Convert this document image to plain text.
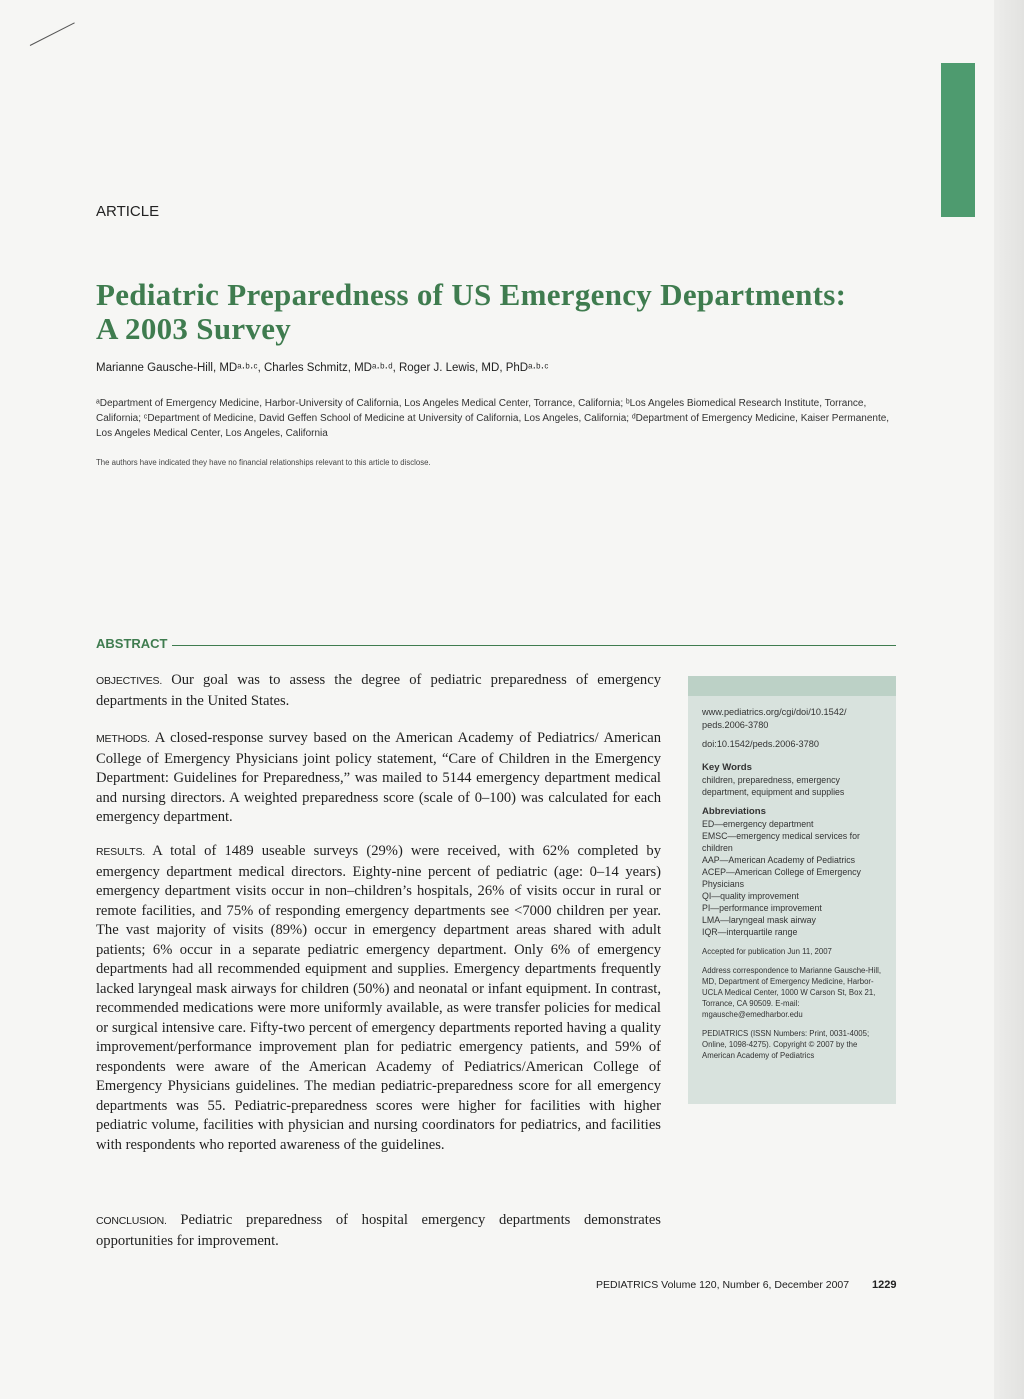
ARTICLE
Pediatric Preparedness of US Emergency Departments: A 2003 Survey
Marianne Gausche-Hill, MDᵃ·ᵇ·ᶜ, Charles Schmitz, MDᵃ·ᵇ·ᵈ, Roger J. Lewis, MD, PhDᵃ·ᵇ·ᶜ

ᵃDepartment of Emergency Medicine, Harbor-University of California, Los Angeles Medical Center, Torrance, California; ᵇLos Angeles Biomedical Research Institute, Torrance, California; ᶜDepartment of Medicine, David Geffen School of Medicine at University of California, Los Angeles, California; ᵈDepartment of Emergency Medicine, Kaiser Permanente, Los Angeles Medical Center, Los Angeles, California

The authors have indicated they have no financial relationships relevant to this article to disclose.
ABSTRACT

OBJECTIVES. Our goal was to assess the degree of pediatric preparedness of emergency departments in the United States.

METHODS. A closed-response survey based on the American Academy of Pediatrics/ American College of Emergency Physicians joint policy statement, “Care of Children in the Emergency Department: Guidelines for Preparedness,” was mailed to 5144 emergency department medical and nursing directors. A weighted preparedness score (scale of 0–100) was calculated for each emergency department.

RESULTS. A total of 1489 useable surveys (29%) were received, with 62% completed by emergency department medical directors. Eighty-nine percent of pediatric (age: 0–14 years) emergency department visits occur in non–children’s hospitals, 26% of visits occur in rural or remote facilities, and 75% of responding emergency departments see <7000 children per year. The vast majority of visits (89%) occur in emergency department areas shared with adult patients; 6% occur in a separate pediatric emergency department. Only 6% of emergency departments had all recommended equipment and supplies. Emergency departments frequently lacked laryngeal mask airways for children (50%) and neonatal or infant equipment. In contrast, recommended medications were more uniformly available, as were transfer policies for medical or surgical intensive care. Fifty-two percent of emergency departments reported having a quality improvement/performance improvement plan for pediatric emergency patients, and 59% of respondents were aware of the American Academy of Pediatrics/American College of Emergency Physicians guidelines. The median pediatric-preparedness score for all emergency departments was 55. Pediatric-preparedness scores were higher for facilities with higher pediatric volume, facilities with physician and nursing coordinators for pediatrics, and facilities with respondents who reported awareness of the guidelines.

CONCLUSION. Pediatric preparedness of hospital emergency departments demonstrates opportunities for improvement.

www.pediatrics.org/cgi/doi/10.1542/ peds.2006-3780
doi:10.1542/peds.2006-3780
Key Words
children, preparedness, emergency department, equipment and supplies
Abbreviations
ED—emergency department
EMSC—emergency medical services for children
AAP—American Academy of Pediatrics
ACEP—American College of Emergency Physicians
QI—quality improvement
PI—performance improvement
LMA—laryngeal mask airway
IQR—interquartile range
Accepted for publication Jun 11, 2007
Address correspondence to Marianne Gausche-Hill, MD, Department of Emergency Medicine, Harbor-UCLA Medical Center, 1000 W Carson St, Box 21, Torrance, CA 90509. E-mail: mgausche@emedharbor.edu
PEDIATRICS (ISSN Numbers: Print, 0031-4005; Online, 1098-4275). Copyright © 2007 by the American Academy of Pediatrics
PEDIATRICS Volume 120, Number 6, December 2007 1229
